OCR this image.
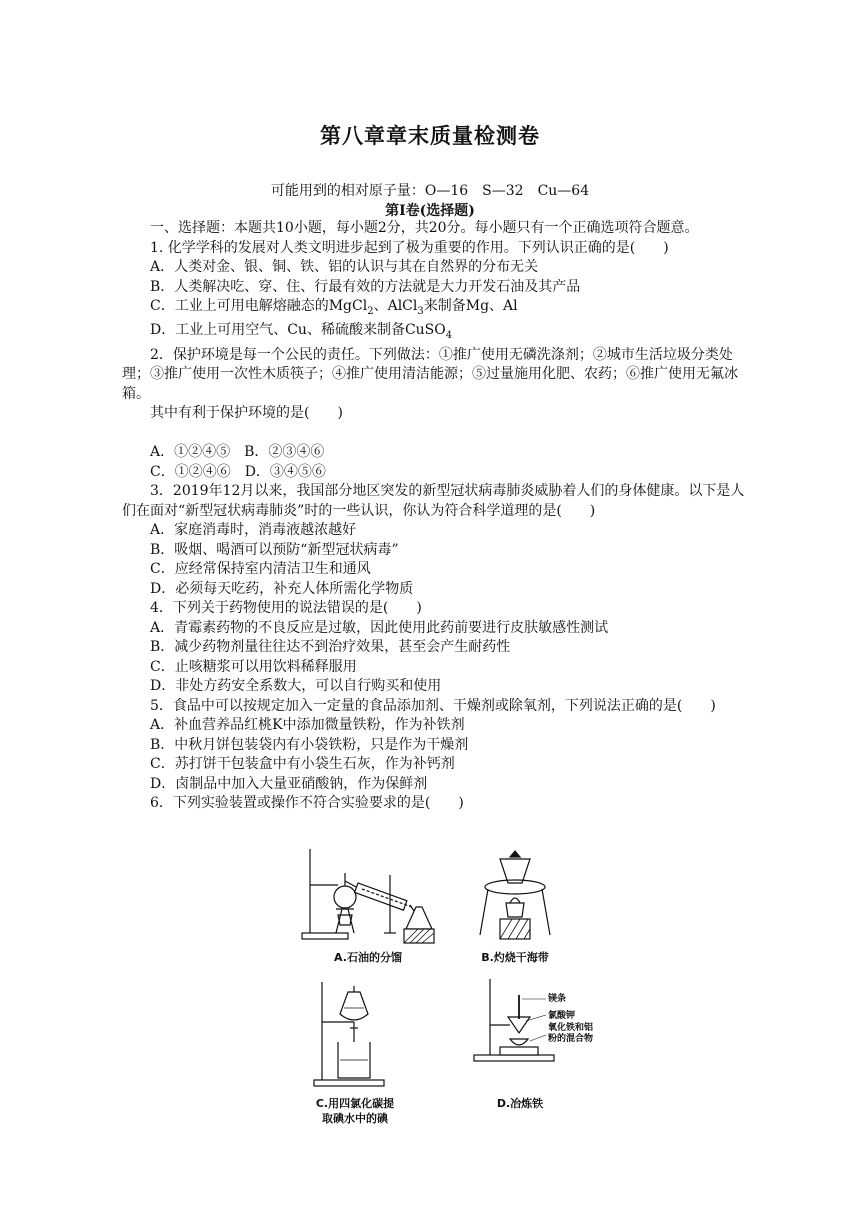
第八章章末质量检测卷
可能用到的相对原子量：O—16　S—32　Cu—64
第Ⅰ卷(选择题)

一、选择题：本题共10小题，每小题2分，共20分。每小题只有一个正确选项符合题意。

1. 化学学科的发展对人类文明进步起到了极为重要的作用。下列认识正确的是(　　)

A．人类对金、银、铜、铁、铝的认识与其在自然界的分布无关

B．人类解决吃、穿、住、行最有效的方法就是大力开发石油及其产品

C．工业上可用电解熔融态的MgCl$_2$、AlCl$_3$来制备Mg、Al

D．工业上可用空气、Cu、稀硫酸来制备CuSO$_4$

2．保护环境是每一个公民的责任。下列做法：①推广使用无磷洗涤剂；②城市生活垃圾分类处理；③推广使用一次性木质筷子；④推广使用清洁能源；⑤过量施用化肥、农药；⑥推广使用无氟冰箱。

其中有利于保护环境的是(　　)

A．①②④⑤　B．②③④⑥

C．①②④⑥　D．③④⑤⑥

3．2019年12月以来，我国部分地区突发的新型冠状病毒肺炎威胁着人们的身体健康。以下是人们在面对“新型冠状病毒肺炎”时的一些认识，你认为符合科学道理的是(　　)

A．家庭消毒时，消毒液越浓越好

B．吸烟、喝酒可以预防“新型冠状病毒”

C．应经常保持室内清洁卫生和通风

D．必须每天吃药，补充人体所需化学物质

4．下列关于药物使用的说法错误的是(　　)

A．青霉素药物的不良反应是过敏，因此使用此药前要进行皮肤敏感性测试

B．减少药物剂量往往达不到治疗效果，甚至会产生耐药性

C．止咳糖浆可以用饮料稀释服用

D．非处方药安全系数大，可以自行购买和使用

5．食品中可以按规定加入一定量的食品添加剂、干燥剂或除氧剂，下列说法正确的是(　　)

A．补血营养品红桃K中添加微量铁粉，作为补铁剂

B．中秋月饼包装袋内有小袋铁粉，只是作为干燥剂

C．苏打饼干包装盒中有小袋生石灰，作为补钙剂

D．卤制品中加入大量亚硝酸钠，作为保鲜剂

6．下列实验装置或操作不符合实验要求的是(　　)

A.石油的分馏	B.灼烧干海带
C.用四氯化碳提
取碘水中的碘
镁条
氯酸钾
氧化铁和铝
粉的混合物
D.冶炼铁
